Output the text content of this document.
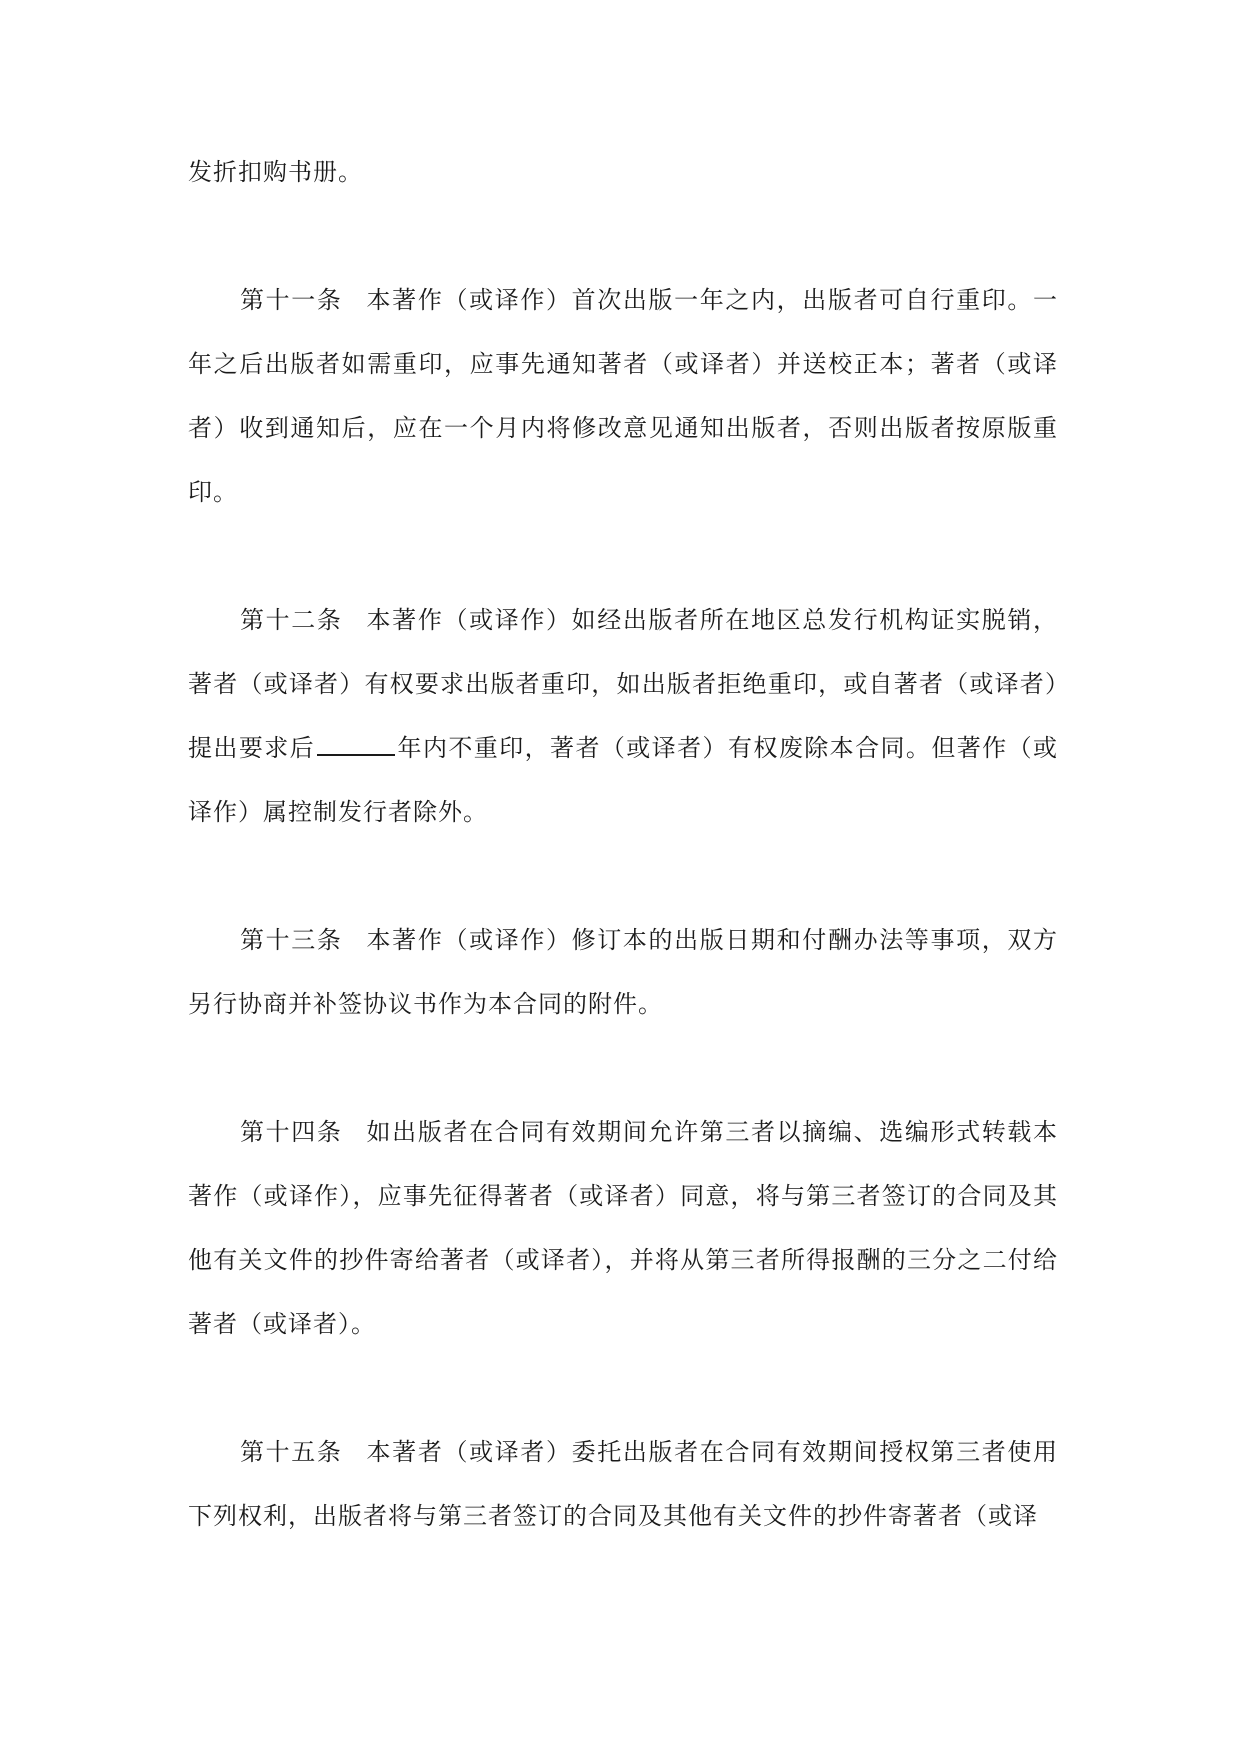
发折扣购书册。

第十一条 本著作（或译作）首次出版一年之内，出版者可自行重印。一年之后出版者如需重印，应事先通知著者（或译者）并送校正本；著者（或译者）收到通知后，应在一个月内将修改意见通知出版者，否则出版者按原版重印。

第十二条 本著作（或译作）如经出版者所在地区总发行机构证实脱销，著者（或译者）有权要求出版者重印，如出版者拒绝重印，或自著者（或译者）提出要求后	年内不重印，著者（或译者）有权废除本合同。但著作（或译作）属控制发行者除外。

第十三条 本著作（或译作）修订本的出版日期和付酬办法等事项，双方另行协商并补签协议书作为本合同的附件。

第十四条 如出版者在合同有效期间允许第三者以摘编、选编形式转载本著作（或译作），应事先征得著者（或译者）同意，将与第三者签订的合同及其他有关文件的抄件寄给著者（或译者），并将从第三者所得报酬的三分之二付给著者（或译者）。

第十五条 本著者（或译者）委托出版者在合同有效期间授权第三者使用下列权利，出版者将与第三者签订的合同及其他有关文件的抄件寄著者（或译
